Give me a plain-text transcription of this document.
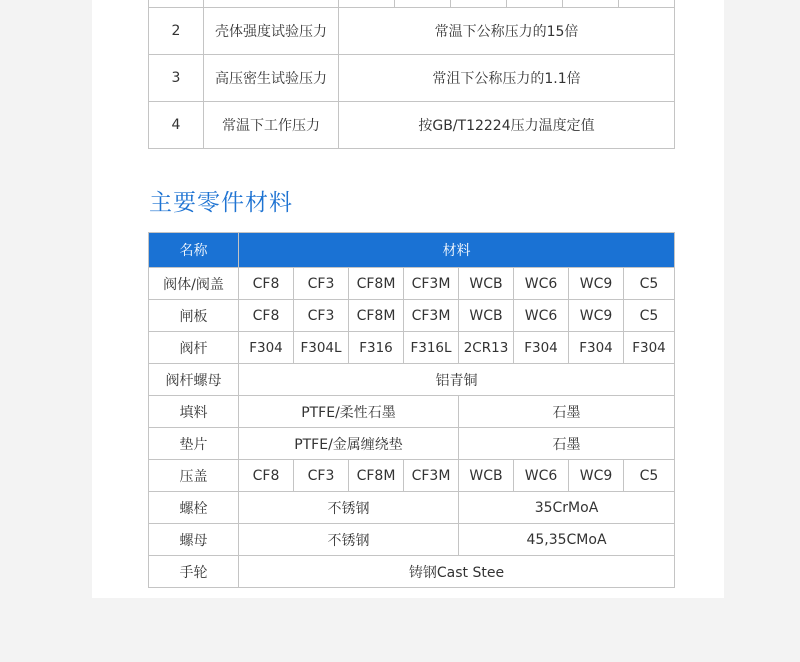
2	壳体强度试验压力	常温下公称压力的15倍					
3	高压密生试验压力	常沮下公称压力的1.1倍					
4	常温下工作压力	按GB/T12224压力温度定值					
主要零件材料
名称	材料							
阀体/阀盖	CF8	CF3	CF8M	CF3M	WCB	WC6	WC9	C5
闸板	CF8	CF3	CF8M	CF3M	WCB	WC6	WC9	C5
阀杆	F304	F304L	F316	F316L	2CR13	F304	F304	F304
阀杆螺母	铝青铜							
填料	PTFE/柔性石墨				石墨			
垫片	PTFE/金属缠绕垫				石墨			
压盖	CF8	CF3	CF8M	CF3M	WCB	WC6	WC9	C5
螺栓	不锈钢				35CrMoA			
螺母	不锈钢				45,35CMoA			
手轮	铸钢Cast Stee							
